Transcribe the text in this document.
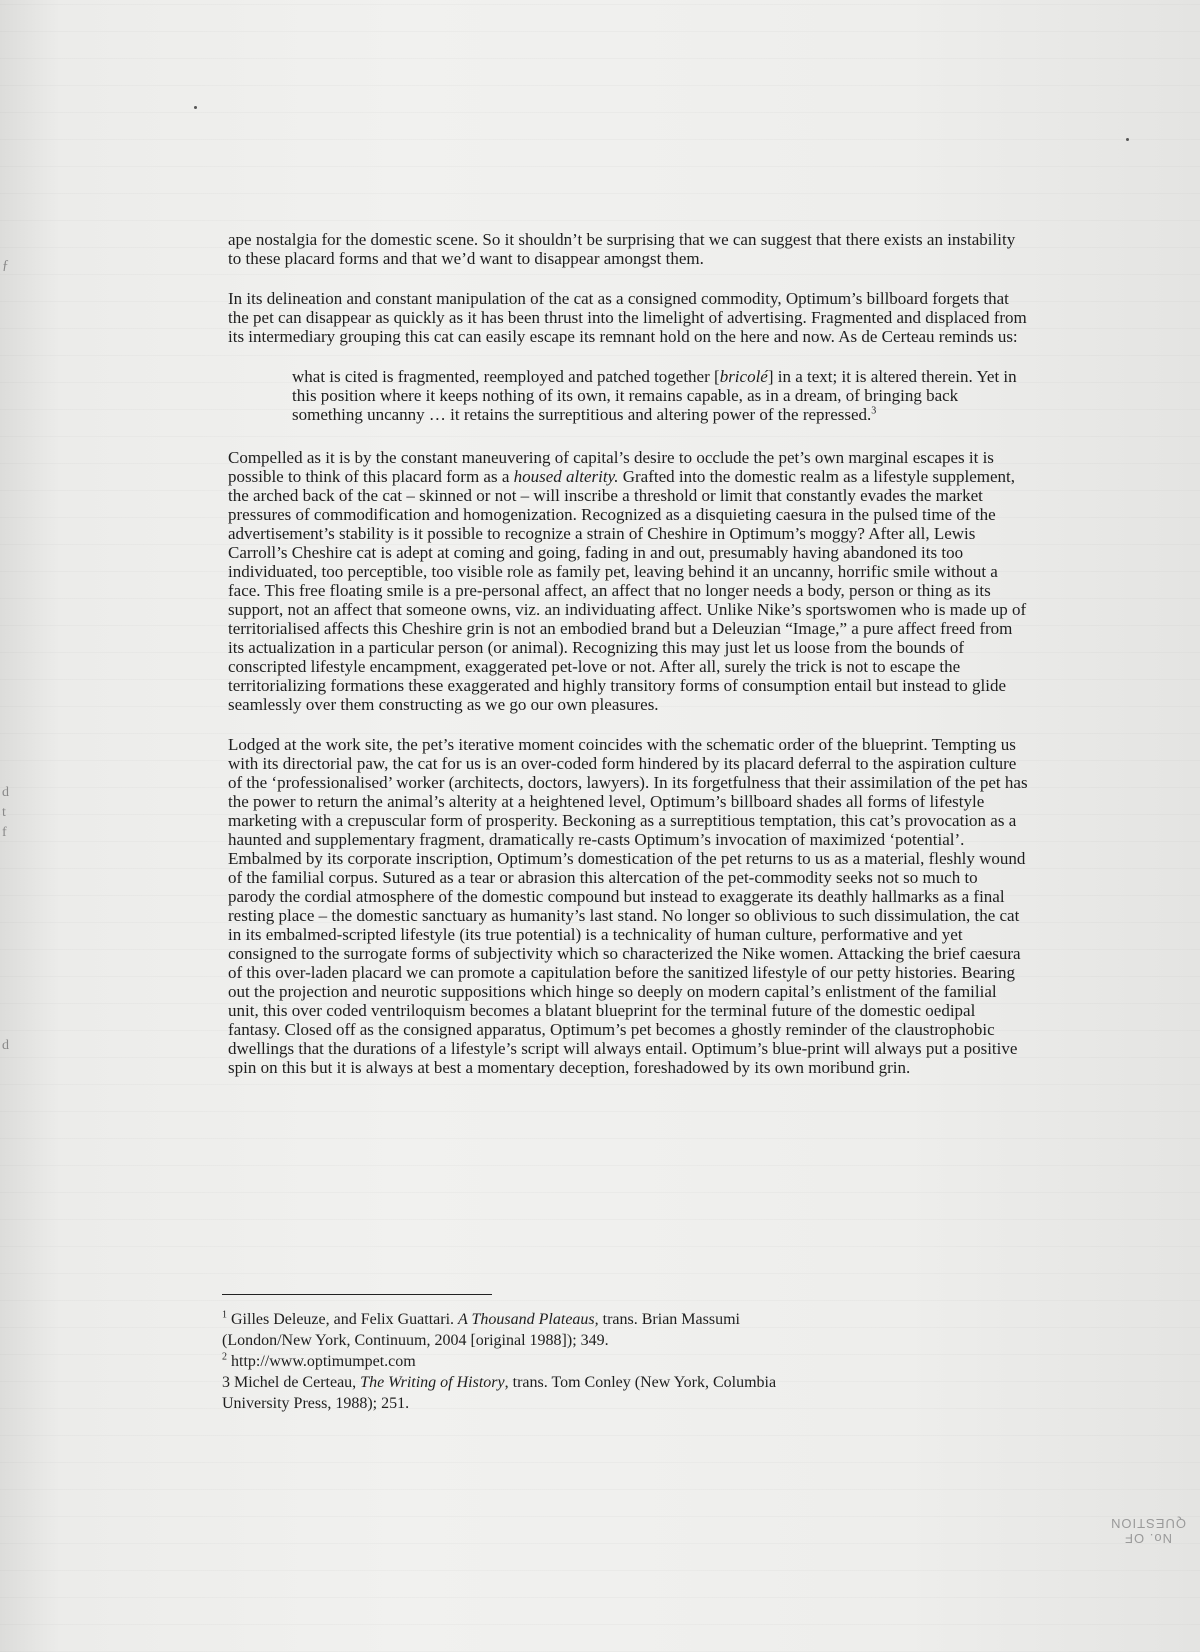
ƒ
d
t
f
d

ape nostalgia for the domestic scene. So it shouldn’t be surprising that we can suggest that there exists an instability to these placard forms and that we’d want to disappear amongst them.

In its delineation and constant manipulation of the cat as a consigned commodity, Optimum’s billboard forgets that the pet can disappear as quickly as it has been thrust into the limelight of advertising. Fragmented and displaced from its intermediary grouping this cat can easily escape its remnant hold on the here and now. As de Certeau reminds us:

what is cited is fragmented, reemployed and patched together [bricolé] in a text; it is altered therein. Yet in this position where it keeps nothing of its own, it remains capable, as in a dream, of bringing back something uncanny … it retains the surreptitious and altering power of the repressed.$^3$

Compelled as it is by the constant maneuvering of capital’s desire to occlude the pet’s own marginal escapes it is possible to think of this placard form as a housed alterity. Grafted into the domestic realm as a lifestyle supplement, the arched back of the cat – skinned or not – will inscribe a threshold or limit that constantly evades the market pressures of commodification and homogenization. Recognized as a disquieting caesura in the pulsed time of the advertisement’s stability is it possible to recognize a strain of Cheshire in Optimum’s moggy? After all, Lewis Carroll’s Cheshire cat is adept at coming and going, fading in and out, presumably having abandoned its too individuated, too perceptible, too visible role as family pet, leaving behind it an uncanny, horrific smile without a face. This free floating smile is a pre-personal affect, an affect that no longer needs a body, person or thing as its support, not an affect that someone owns, viz. an individuating affect. Unlike Nike’s sportswomen who is made up of territorialised affects this Cheshire grin is not an embodied brand but a Deleuzian “Image,” a pure affect freed from its actualization in a particular person (or animal). Recognizing this may just let us loose from the bounds of conscripted lifestyle encampment, exaggerated pet-love or not. After all, surely the trick is not to escape the territorializing formations these exaggerated and highly transitory forms of consumption entail but instead to glide seamlessly over them constructing as we go our own pleasures.

Lodged at the work site, the pet’s iterative moment coincides with the schematic order of the blueprint. Tempting us with its directorial paw, the cat for us is an over-coded form hindered by its placard deferral to the aspiration culture of the ‘professionalised’ worker (architects, doctors, lawyers). In its forgetfulness that their assimilation of the pet has the power to return the animal’s alterity at a heightened level, Optimum’s billboard shades all forms of lifestyle marketing with a crepuscular form of prosperity. Beckoning as a surreptitious temptation, this cat’s provocation as a haunted and supplementary fragment, dramatically re-casts Optimum’s invocation of maximized ‘potential’. Embalmed by its corporate inscription, Optimum’s domestication of the pet returns to us as a material, fleshly wound of the familial corpus. Sutured as a tear or abrasion this altercation of the pet-commodity seeks not so much to parody the cordial atmosphere of the domestic compound but instead to exaggerate its deathly hallmarks as a final resting place – the domestic sanctuary as humanity’s last stand. No longer so oblivious to such dissimulation, the cat in its embalmed-scripted lifestyle (its true potential) is a technicality of human culture, performative and yet consigned to the surrogate forms of subjectivity which so characterized the Nike women. Attacking the brief caesura of this over-laden placard we can promote a capitulation before the sanitized lifestyle of our petty histories. Bearing out the projection and neurotic suppositions which hinge so deeply on modern capital’s enlistment of the familial unit, this over coded ventriloquism becomes a blatant blueprint for the terminal future of the domestic oedipal fantasy. Closed off as the consigned apparatus, Optimum’s pet becomes a ghostly reminder of the claustrophobic dwellings that the durations of a lifestyle’s script will always entail. Optimum’s blue-print will always put a positive spin on this but it is always at best a momentary deception, foreshadowed by its own moribund grin.

$^1$ Gilles Deleuze, and Felix Guattari. A Thousand Plateaus, trans. Brian Massumi (London/New York, Continuum, 2004 [original 1988]); 349.

$^2$ http://www.optimumpet.com

3 Michel de Certeau, The Writing of History, trans. Tom Conley (New York, Columbia University Press, 1988); 251.

No. OF
QUESTION
